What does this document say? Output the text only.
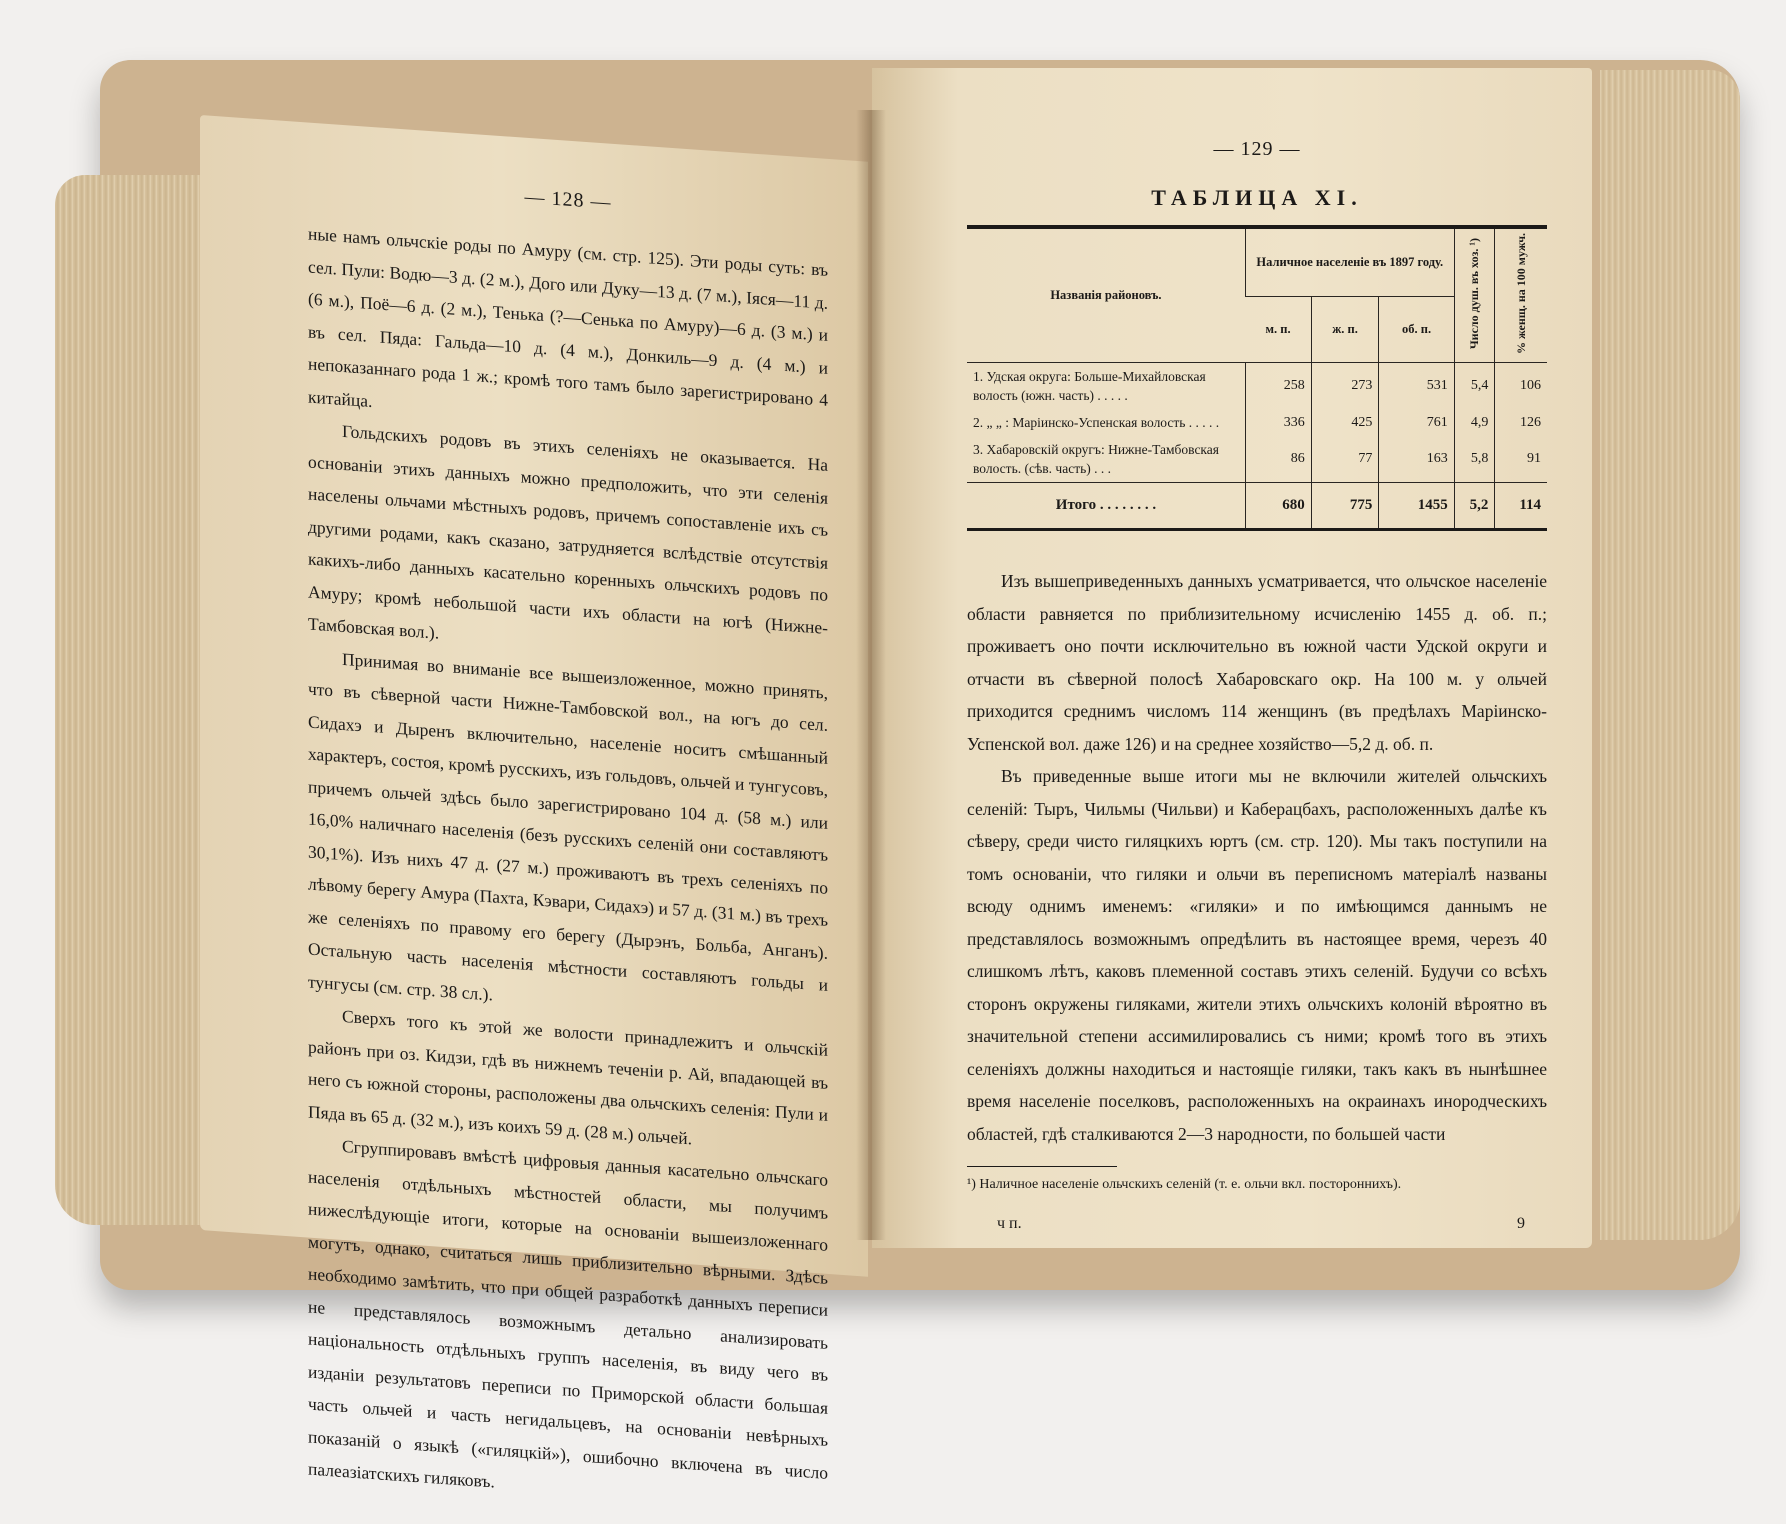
— 128 —

ные намъ ольчскіе роды по Амуру (см. стр. 125). Эти роды суть: въ сел. Пули: Водю—3 д. (2 м.), Дого или Дуку—13 д. (7 м.), Іяся—11 д. (6 м.), Поё—6 д. (2 м.), Тенька (?—Сенька по Амуру)—6 д. (3 м.) и въ сел. Пяда: Гальда—10 д. (4 м.), Донкиль—9 д. (4 м.) и непоказаннаго рода 1 ж.; кромѣ того тамъ было зарегистрировано 4 китайца.

Гольдскихъ родовъ въ этихъ селеніяхъ не оказывается. На основаніи этихъ данныхъ можно предположить, что эти селенія населены ольчами мѣстныхъ родовъ, причемъ сопоставленіе ихъ съ другими родами, какъ сказано, затрудняется вслѣдствіе отсутствія какихъ-либо данныхъ касательно коренныхъ ольчскихъ родовъ по Амуру; кромѣ небольшой части ихъ области на югѣ (Нижне-Тамбовская вол.).

Принимая во вниманіе все вышеизложенное, можно принять, что въ сѣверной части Нижне-Тамбовской вол., на югъ до сел. Сидахэ и Дыренъ включительно, населеніе носитъ смѣшанный характеръ, состоя, кромѣ русскихъ, изъ гольдовъ, ольчей и тунгусовъ, причемъ ольчей здѣсь было зарегистрировано 104 д. (58 м.) или 16,0% наличнаго населенія (безъ русскихъ селеній они составляютъ 30,1%). Изъ нихъ 47 д. (27 м.) проживаютъ въ трехъ селеніяхъ по лѣвому берегу Амура (Пахта, Кэвари, Сидахэ) и 57 д. (31 м.) въ трехъ же селеніяхъ по правому его берегу (Дырэнъ, Больба, Анганъ). Остальную часть населенія мѣстности составляютъ гольды и тунгусы (см. стр. 38 сл.).

Сверхъ того къ этой же волости принадлежитъ и ольчскій районъ при оз. Кидзи, гдѣ въ нижнемъ теченіи р. Ай, впадающей въ него съ южной стороны, расположены два ольчскихъ селенія: Пули и Пяда въ 65 д. (32 м.), изъ коихъ 59 д. (28 м.) ольчей.

Сгруппировавъ вмѣстѣ цифровыя данныя касательно ольчскаго населенія отдѣльныхъ мѣстностей области, мы получимъ нижеслѣдующіе итоги, которые на основаніи вышеизложеннаго могутъ, однако, считаться лишь приблизительно вѣрными. Здѣсь необходимо замѣтить, что при общей разработкѣ данныхъ переписи не представлялось возможнымъ детально анализировать національность отдѣльныхъ группъ населенія, въ виду чего въ изданіи результатовъ переписи по Приморской области большая часть ольчей и часть негидальцевъ, на основаніи невѣрныхъ показаній о языкѣ («гиляцкій»), ошибочно включена въ число палеазіатскихъ гиляковъ.

— 129 —
ТАБЛИЦА XI.
Названія районовъ.	Наличное населеніе въ 1897 году.			Число душ. въ хоз. ¹)	% женщ. на 100 мужч.
	м. п.	ж. п.	об. п.		
1. Удская округа: Больше-Михайловская волость (южн. часть) . . . . .	258	273	531	5,4	106
2. „ „ : Маріинско-Успенская волость . . . . .	336	425	761	4,9	126
3. Хабаровскій округъ: Нижне-Тамбовская волость. (сѣв. часть) . . .	86	77	163	5,8	91
Итого . . . . . . . .	680	775	1455	5,2	114

Изъ вышеприведенныхъ данныхъ усматривается, что ольчское населеніе области равняется по приблизительному исчисленію 1455 д. об. п.; проживаетъ оно почти исключительно въ южной части Удской округи и отчасти въ сѣверной полосѣ Хабаровскаго окр. На 100 м. у ольчей приходится среднимъ числомъ 114 женщинъ (въ предѣлахъ Маріинско-Успенской вол. даже 126) и на среднее хозяйство—5,2 д. об. п.

Въ приведенные выше итоги мы не включили жителей ольчскихъ селеній: Тыръ, Чильмы (Чильви) и Каберацбахъ, расположенныхъ далѣе къ сѣверу, среди чисто гиляцкихъ юртъ (см. стр. 120). Мы такъ поступили на томъ основаніи, что гиляки и ольчи въ переписномъ матеріалѣ названы всюду однимъ именемъ: «гиляки» и по имѣющимся даннымъ не представлялось возможнымъ опредѣлить въ настоящее время, черезъ 40 слишкомъ лѣтъ, каковъ племенной составъ этихъ селеній. Будучи со всѣхъ сторонъ окружены гиляками, жители этихъ ольчскихъ колоній вѣроятно въ значительной степени ассимилировались съ ними; кромѣ того въ этихъ селеніяхъ должны находиться и настоящіе гиляки, такъ какъ въ нынѣшнее время населеніе поселковъ, расположенныхъ на окраинахъ инородческихъ областей, гдѣ сталкиваются 2—3 народности, по большей части

¹) Наличное населеніе ольчскихъ селеній (т. е. ольчи вкл. постороннихъ).

ч п.	9
